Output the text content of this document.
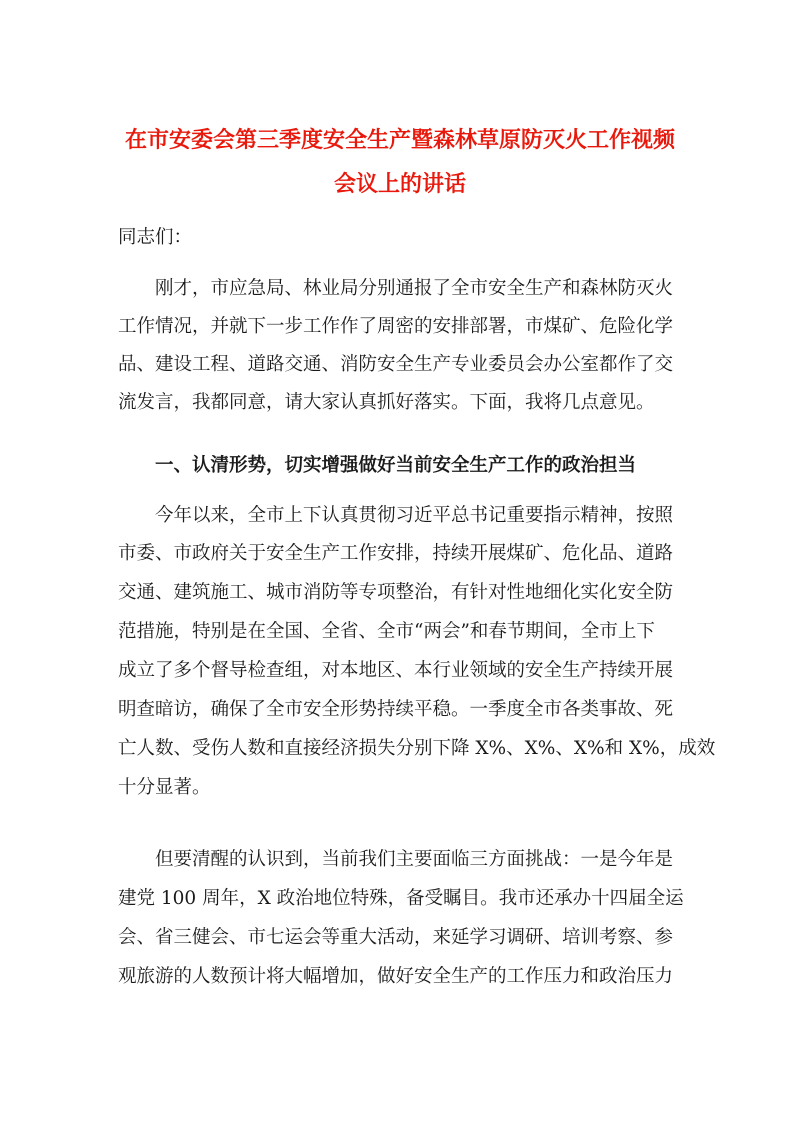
在市安委会第三季度安全生产暨森林草原防灭火工作视频
会议上的讲话

同志们：

刚才，市应急局、林业局分别通报了全市安全生产和森林防灭火

工作情况，并就下一步工作作了周密的安排部署，市煤矿、危险化学

品、建设工程、道路交通、消防安全生产专业委员会办公室都作了交

流发言，我都同意，请大家认真抓好落实。下面，我将几点意见。

一、认清形势，切实增强做好当前安全生产工作的政治担当

今年以来，全市上下认真贯彻习近平总书记重要指示精神，按照

市委、市政府关于安全生产工作安排，持续开展煤矿、危化品、道路

交通、建筑施工、城市消防等专项整治，有针对性地细化实化安全防

范措施，特别是在全国、全省、全市“两会”和春节期间，全市上下

成立了多个督导检查组，对本地区、本行业领域的安全生产持续开展

明查暗访，确保了全市安全形势持续平稳。一季度全市各类事故、死

亡人数、受伤人数和直接经济损失分别下降 X%、X%、X%和 X%，成效

十分显著。

但要清醒的认识到，当前我们主要面临三方面挑战：一是今年是

建党 100 周年，X 政治地位特殊，备受瞩目。我市还承办十四届全运

会、省三健会、市七运会等重大活动，来延学习调研、培训考察、参

观旅游的人数预计将大幅增加，做好安全生产的工作压力和政治压力
